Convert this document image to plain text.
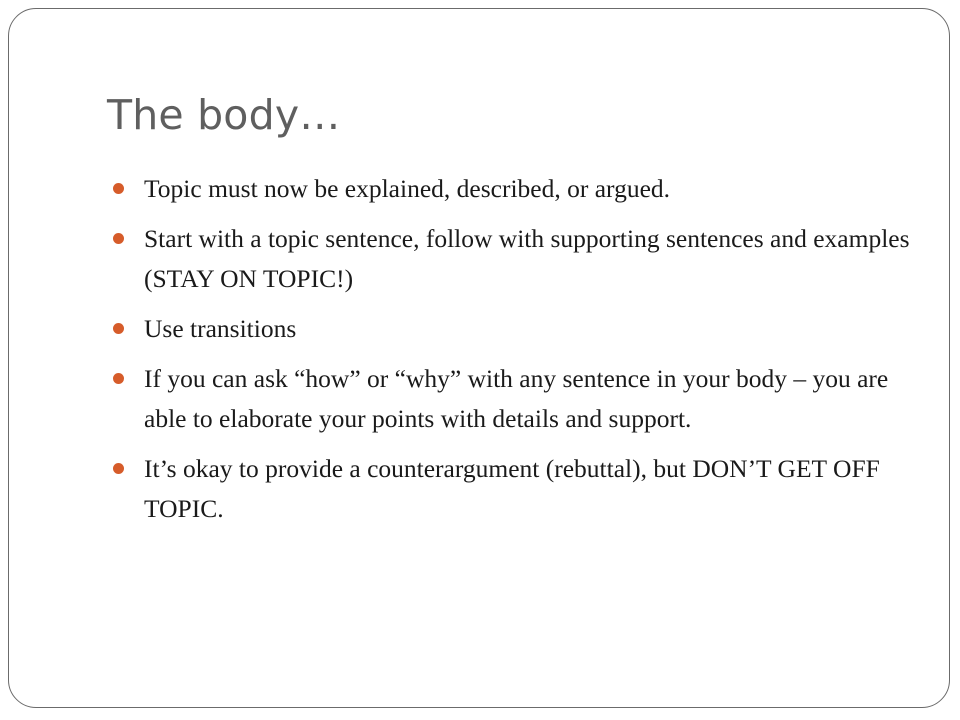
The body…
Topic must now be explained, described, or argued.
Start with a topic sentence, follow with supporting sentences and examples (STAY ON TOPIC!)
Use transitions
If you can ask “how” or “why” with any sentence in your body – you are able to elaborate your points with details and support.
It’s okay to provide a counterargument (rebuttal), but DON’T GET OFF TOPIC.
